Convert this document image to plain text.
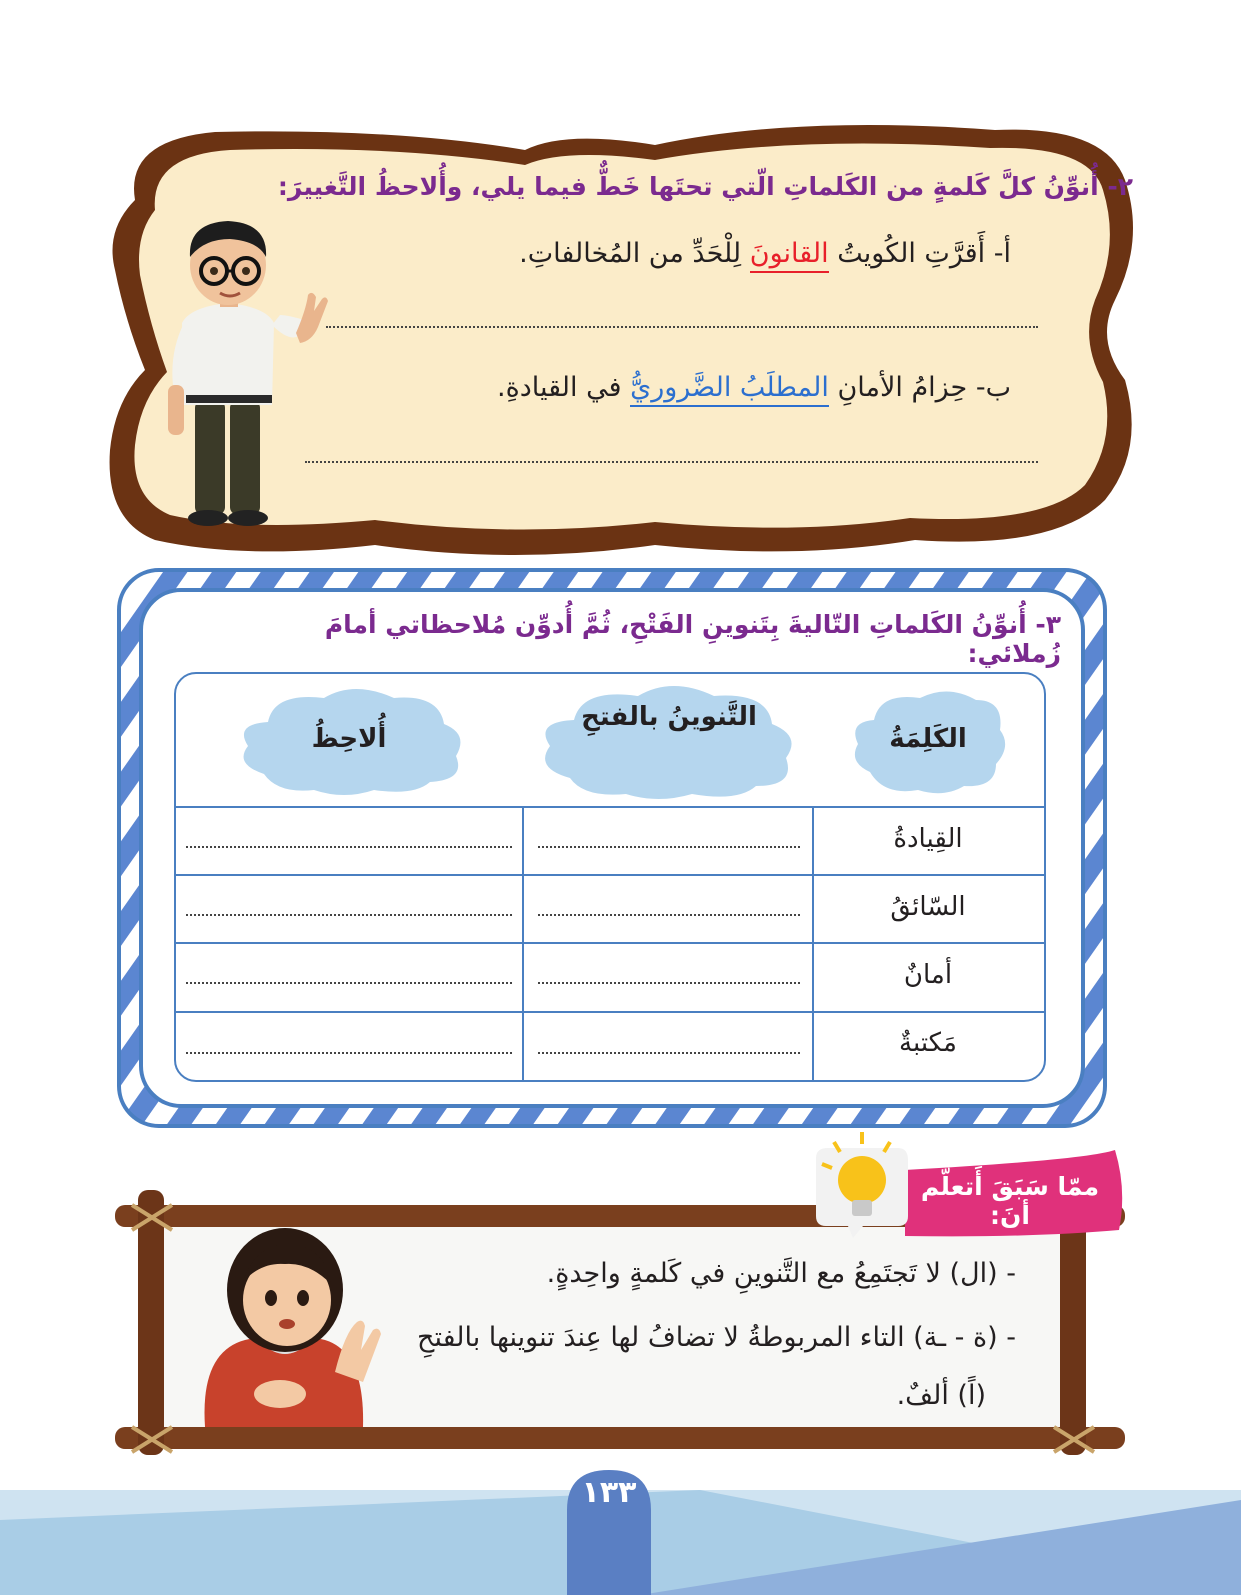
٢- أُنوِّنُ كلَّ كَلمةٍ من الكَلماتِ الّتي تحتَها خَطٌّ فيما يلي، وأُلاحظُ التَّغييرَ:
أ- أَقرَّتِ الكُويتُ القانونَ لِلْحَدِّ من المُخالفاتِ.
ب- حِزامُ الأمانِ المطلَبُ الضَّروريُّ في القيادةِ.
٣- أُنوِّنُ الكَلماتِ التّاليةَ بِتَنوينِ الفَتْحِ، ثُمَّ أُدوِّن مُلاحظاتي أمامَ زُملائي:
أُلاحِظُ
التَّنوينُ بالفتحِ
الكَلِمَةُ
القِيادةُ
السّائقُ
أمانٌ
مَكتبةٌ
ممّا سَبَقَ أَتعلَّم أنَ:
- (ال) لا تَجتَمِعُ مع التَّنوينِ في كَلمةٍ واحِدةٍ.
- (ة - ـة) التاء المربوطةُ لا تضافُ لها عِندَ تنوينها بالفتحِ
(اً) ألفٌ.
١٣٣
